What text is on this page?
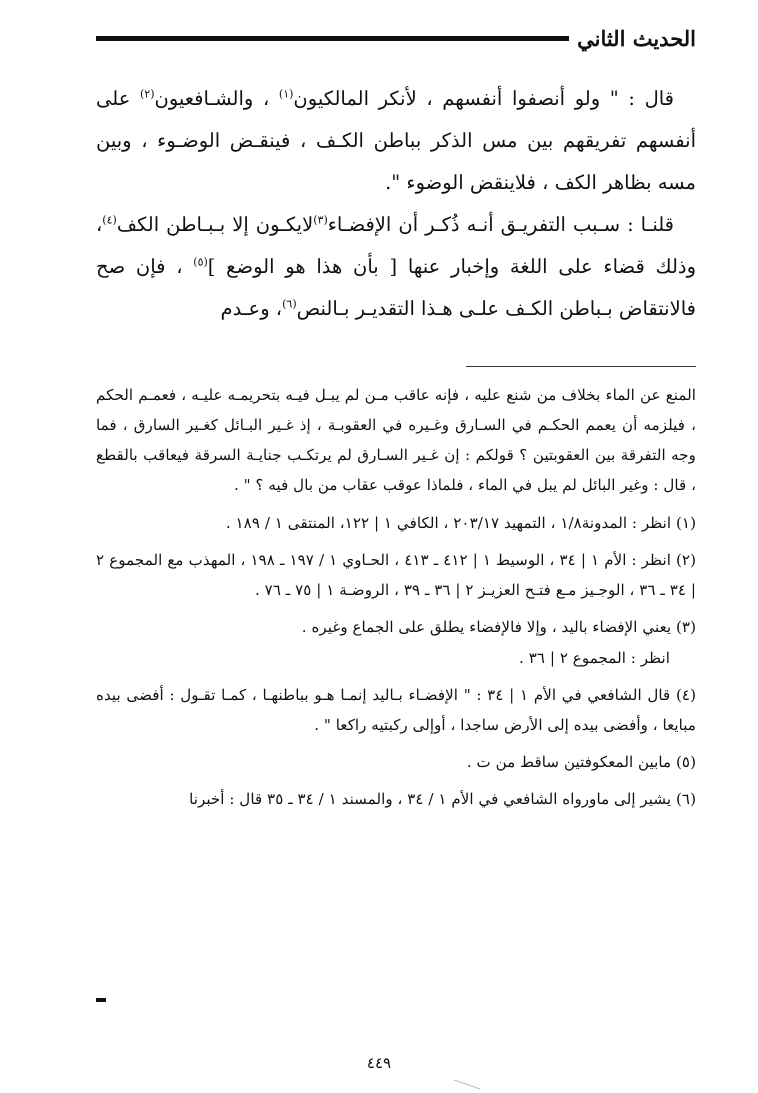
الحديث الثاني

قال : " ولو أنصفوا أنفسهم ، لأنكر المالكيون$^{(١)}$ ، والشـافعيون$^{(٢)}$ على أنفسهم تفريقهم بين مس الذكر بباطن الكـف ، فينقـض الوضـوء ، وبين مسه بظاهر الكف ، فلاينقض الوضوء ".

قلنـا : سـبب التفريـق أنـه ذُكـر أن الإفضـاء$^{(٣)}$لايكـون إلا بـبـاطن الكف$^{(٤)}$، وذلك قضاء على اللغة وإخبار عنها [ بأن هذا هو الوضع ]$^{(٥)}$ ، فإن صح فالانتقاض بـباطن الكـف علـى هـذا التقديـر بـالنص$^{(٦)}$، وعـدم

المنع عن الماء بخلاف من شنع عليه ، فإنه عاقب مـن لم يبـل فيـه بتحريمـه عليـه ، فعمـم الحكم ، فيلزمه أن يعمم الحكـم في السـارق وغـيره في العقوبـة ، إذ غـير البـائل كغـير السارق ، فما وجه التفرقة بين العقوبتين ؟ قولكم : إن غـير السـارق لم يرتكـب جنايـة السرقة فيعاقب بالقطع ، قال : وغير البائل لم يبل في الماء ، فلماذا عوقب عقاب من بال فيه ؟ " .

(١) انظر : المدونة١/٨ ، التمهيد ٢٠٣/١٧ ، الكافي ١ | ١٢٢، المنتقى ١ / ١٨٩ .

(٢) انظر : الأم ١ | ٣٤ ، الوسيط ١ | ٤١٢ ـ ٤١٣ ، الحـاوي ١ / ١٩٧ ـ ١٩٨ ، المهذب مع المجموع ٢ | ٣٤ ـ ٣٦ ، الوجـيز مـع فتـح العزيـز ٢ | ٣٦ ـ ٣٩ ، الروضـة ١ | ٧٥ ـ ٧٦ .

(٣) يعني الإفضاء باليد ، وإلا فالإفضاء يطلق على الجماع وغيره .

انظر : المجموع ٢ | ٣٦ .

(٤) قال الشافعي في الأم ١ | ٣٤ : " الإفضـاء بـاليد إنمـا هـو بباطنهـا ، كمـا تقـول : أفضى بيده مبايعا ، وأفضى بيده إلى الأرض ساجدا ، أوإلى ركبتيه راكعا " .

(٥) مابين المعكوفتين ساقط من ت .

(٦) يشير إلى ماورواه الشافعي في الأم ١ / ٣٤ ، والمسند ١ / ٣٤ ـ ٣٥ قال : أخبرنا

٤٤٩
